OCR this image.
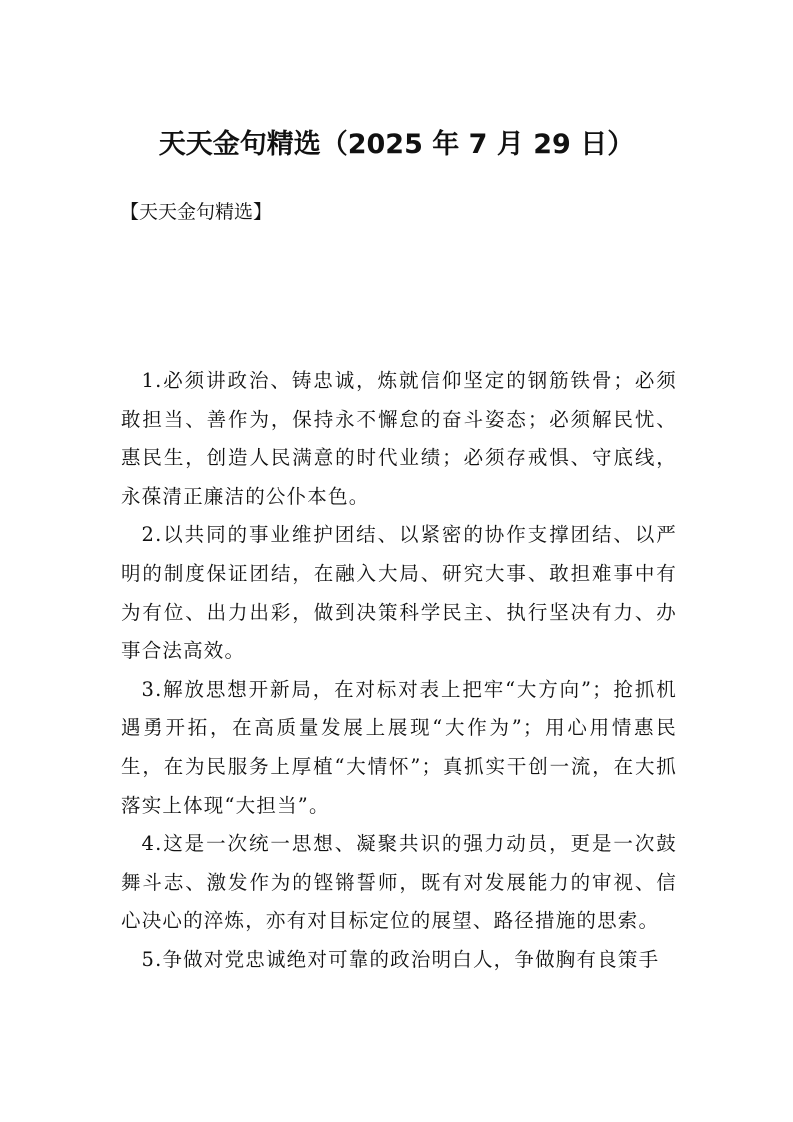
天天金句精选（2025 年 7 月 29 日）
【天天金句精选】

1.必须讲政治、铸忠诚，炼就信仰坚定的钢筋铁骨；必须敢担当、善作为，保持永不懈怠的奋斗姿态；必须解民忧、惠民生，创造人民满意的时代业绩；必须存戒惧、守底线，永葆清正廉洁的公仆本色。

2.以共同的事业维护团结、以紧密的协作支撑团结、以严明的制度保证团结，在融入大局、研究大事、敢担难事中有为有位、出力出彩，做到决策科学民主、执行坚决有力、办事合法高效。

3.解放思想开新局，在对标对表上把牢“大方向”；抢抓机遇勇开拓，在高质量发展上展现“大作为”；用心用情惠民生，在为民服务上厚植“大情怀”；真抓实干创一流，在大抓落实上体现“大担当”。

4.这是一次统一思想、凝聚共识的强力动员，更是一次鼓舞斗志、激发作为的铿锵誓师，既有对发展能力的审视、信心决心的淬炼，亦有对目标定位的展望、路径措施的思索。

5.争做对党忠诚绝对可靠的政治明白人，争做胸有良策手
